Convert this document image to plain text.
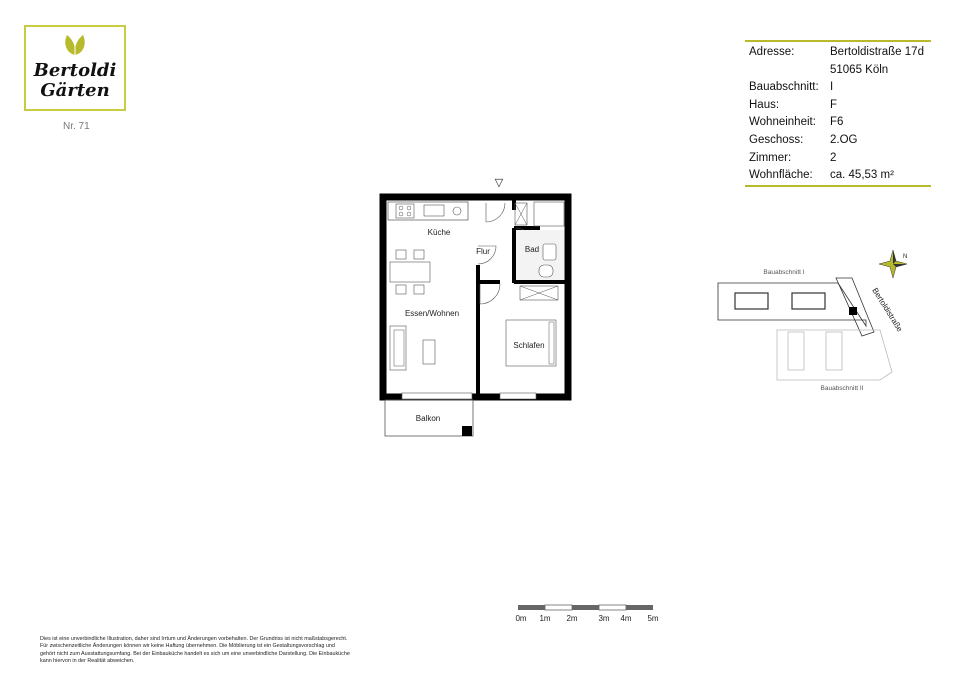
Bertoldi
Gärten
Nr. 71
Adresse:	Bertoldistraße 17d
	51065 Köln
Bauabschnitt:	I
Haus:	F
Wohneinheit:	F6
Geschoss:	2.OG
Zimmer:	2
Wohnfläche:	ca. 45,53 m²
▽
Küche
Flur	Bad
Essen/Wohnen
Schlafen
Balkon
Bauabschnitt I
Bauabschnitt II
Bertoldistraße
N
0m 1m 2m	3m 4m 5m
Dies ist eine unverbindliche Illustration, daher sind Irrtum und Änderungen vorbehalten. Der Grundriss ist nicht maßstabsgerecht. Für zwischenzeitliche Änderungen können wir keine Haftung übernehmen. Die Möblierung ist ein Gestaltungsvorschlag und gehört nicht zum Ausstattungsumfang. Bei der Einbauküche handelt es sich um eine unverbindliche Darstellung. Die Einbauküche kann hiervon in der Realität abweichen.
